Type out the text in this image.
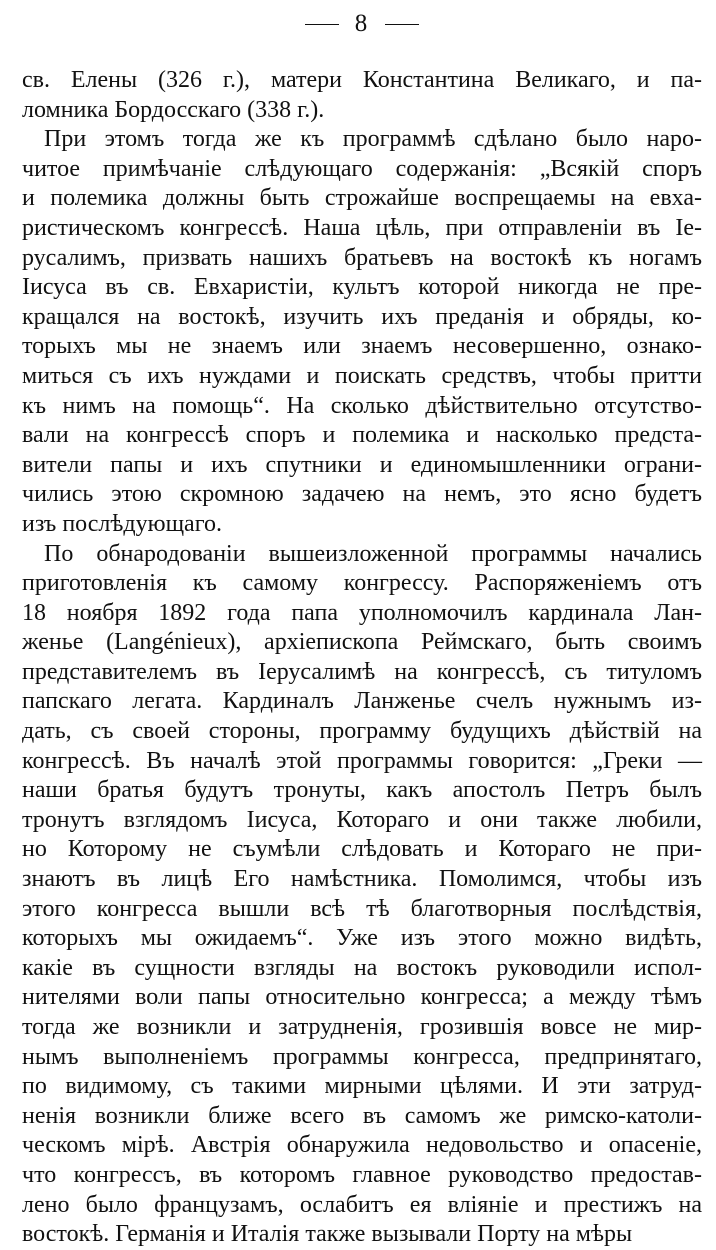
8
св. Елены (326 г.), матери Константина Великаго, и па-
ломника Бордосскаго (338 г.).
При этомъ тогда же къ программѣ сдѣлано было наро-
читое примѣчаніе слѣдующаго содержанія: „Всякій споръ
и полемика должны быть строжайше воспрещаемы на евха-
ристическомъ конгрессѣ. Наша цѣль, при отправленіи въ Іе-
русалимъ, призвать нашихъ братьевъ на востокѣ къ ногамъ
Іисуса въ св. Евхаристіи, культъ которой никогда не пре-
кращался на востокѣ, изучить ихъ преданія и обряды, ко-
торыхъ мы не знаемъ или знаемъ несовершенно, ознако-
миться съ ихъ нуждами и поискать средствъ, чтобы притти
къ нимъ на помощь“. На сколько дѣйствительно отсутство-
вали на конгрессѣ споръ и полемика и насколько предста-
вители папы и ихъ спутники и единомышленники ограни-
чились этою скромною задачею на немъ, это ясно будетъ
изъ послѣдующаго.
По обнародованіи вышеизложенной программы начались
приготовленія къ самому конгрессу. Распоряженіемъ отъ
18 ноября 1892 года папа уполномочилъ кардинала Лан-
женье (Langénieux), архіепископа Реймскаго, быть своимъ
представителемъ въ Іерусалимѣ на конгрессѣ, съ титуломъ
папскаго легата. Кардиналъ Ланженье счелъ нужнымъ из-
дать, съ своей стороны, программу будущихъ дѣйствій на
конгрессѣ. Въ началѣ этой программы говорится: „Греки —
наши братья будутъ тронуты, какъ апостолъ Петръ былъ
тронутъ взглядомъ Іисуса, Котораго и они также любили,
но Которому не съумѣли слѣдовать и Котораго не при-
знаютъ въ лицѣ Его намѣстника. Помолимся, чтобы изъ
этого конгресса вышли всѣ тѣ благотворныя послѣдствія,
которыхъ мы ожидаемъ“. Уже изъ этого можно видѣть,
какіе въ сущности взгляды на востокъ руководили испол-
нителями воли папы относительно конгресса; а между тѣмъ
тогда же возникли и затрудненія, грозившія вовсе не мир-
нымъ выполненіемъ программы конгресса, предпринятаго,
по видимому, съ такими мирными цѣлями. И эти затруд-
ненія возникли ближе всего въ самомъ же римско-католи-
ческомъ мірѣ. Австрія обнаружила недовольство и опасеніе,
что конгрессъ, въ которомъ главное руководство предостав-
лено было французамъ, ослабитъ ея вліяніе и престижъ на
востокѣ. Германія и Италія также вызывали Порту на мѣры
